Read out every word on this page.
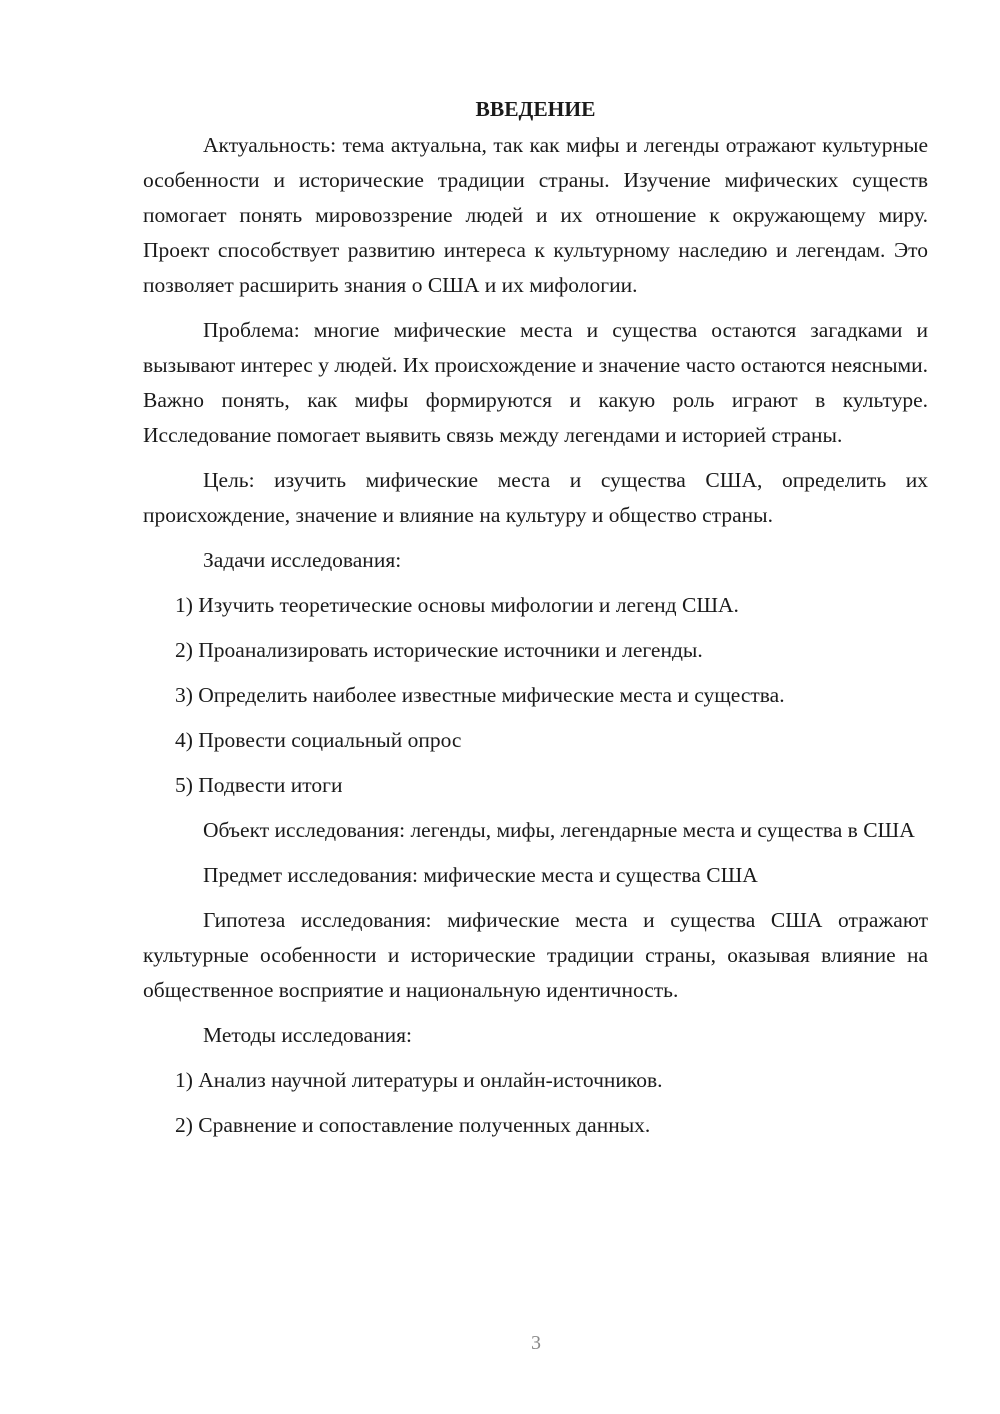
ВВЕДЕНИЕ

Актуальность: тема актуальна, так как мифы и легенды отражают культурные особенности и исторические традиции страны. Изучение мифических существ помогает понять мировоззрение людей и их отношение к окружающему миру. Проект способствует развитию интереса к культурному наследию и легендам. Это позволяет расширить знания о США и их мифологии.

Проблема: многие мифические места и существа остаются загадками и вызывают интерес у людей. Их происхождение и значение часто остаются неясными. Важно понять, как мифы формируются и какую роль играют в культуре. Исследование помогает выявить связь между легендами и историей страны.

Цель: изучить мифические места и существа США, определить их происхождение, значение и влияние на культуру и общество страны.

Задачи исследования:

1) Изучить теоретические основы мифологии и легенд США.

2) Проанализировать исторические источники и легенды.

3) Определить наиболее известные мифические места и существа.

4) Провести социальный опрос

5) Подвести итоги

Объект исследования: легенды, мифы, легендарные места и существа в США

Предмет исследования: мифические места и существа США

Гипотеза исследования: мифические места и существа США отражают культурные особенности и исторические традиции страны, оказывая влияние на общественное восприятие и национальную идентичность.

Методы исследования:

1) Анализ научной литературы и онлайн-источников.

2) Сравнение и сопоставление полученных данных.

3
